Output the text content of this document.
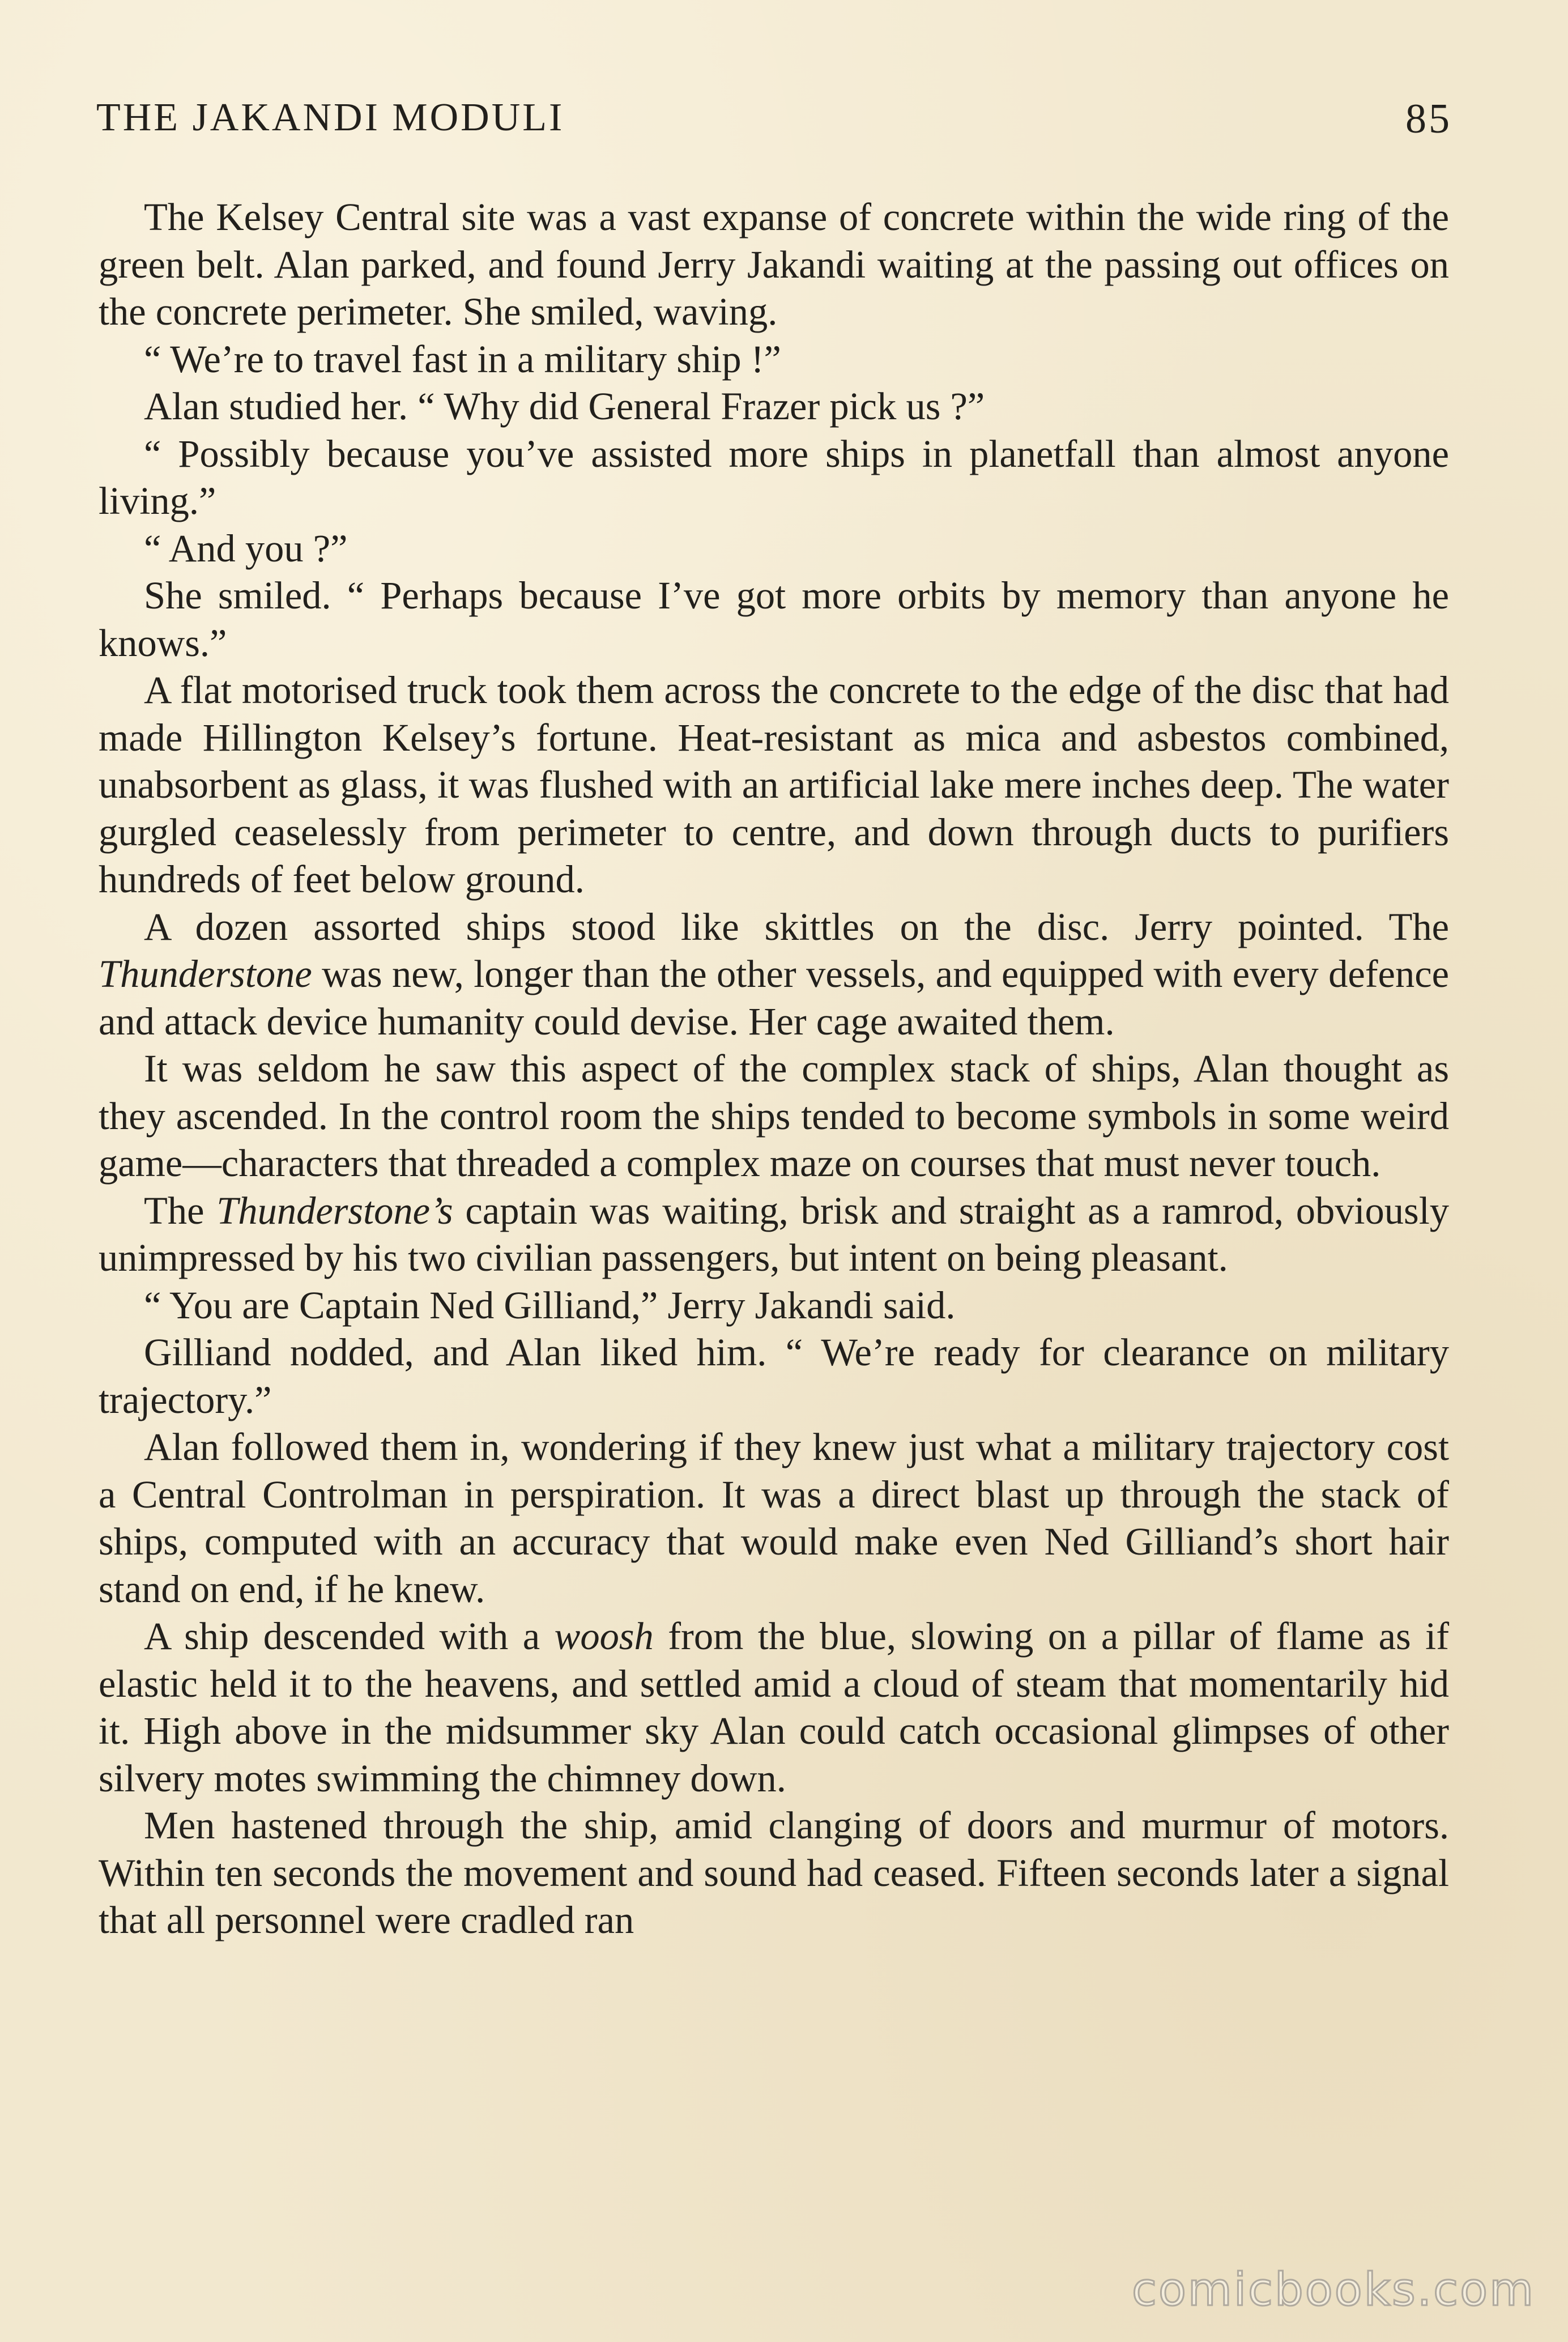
THE JAKANDI MODULI	85

The Kelsey Central site was a vast expanse of concrete within the wide ring of the green belt. Alan parked, and found Jerry Jakandi waiting at the passing out offices on the concrete perimeter. She smiled, waving.

“ We’re to travel fast in a military ship !”

Alan studied her. “ Why did General Frazer pick us ?”

“ Possibly because you’ve assisted more ships in planetfall than almost anyone living.”

“ And you ?”

She smiled. “ Perhaps because I’ve got more orbits by memory than anyone he knows.”

A flat motorised truck took them across the concrete to the edge of the disc that had made Hillington Kelsey’s fortune. Heat-resistant as mica and asbestos combined, unabsorbent as glass, it was flushed with an artificial lake mere inches deep. The water gurgled ceaselessly from perimeter to centre, and down through ducts to purifiers hundreds of feet below ground.

A dozen assorted ships stood like skittles on the disc. Jerry pointed. The Thunderstone was new, longer than the other vessels, and equipped with every defence and attack device humanity could devise. Her cage awaited them.

It was seldom he saw this aspect of the complex stack of ships, Alan thought as they ascended. In the control room the ships tended to become symbols in some weird game—characters that threaded a complex maze on courses that must never touch.

The Thunderstone’s captain was waiting, brisk and straight as a ramrod, obviously unimpressed by his two civilian passengers, but intent on being pleasant.

“ You are Captain Ned Gilliand,” Jerry Jakandi said.

Gilliand nodded, and Alan liked him. “ We’re ready for clearance on military trajectory.”

Alan followed them in, wondering if they knew just what a military trajectory cost a Central Controlman in perspiration. It was a direct blast up through the stack of ships, computed with an accuracy that would make even Ned Gilliand’s short hair stand on end, if he knew.

A ship descended with a woosh from the blue, slowing on a pillar of flame as if elastic held it to the heavens, and settled amid a cloud of steam that momentarily hid it. High above in the midsummer sky Alan could catch occasional glimpses of other silvery motes swimming the chimney down.

Men hastened through the ship, amid clanging of doors and murmur of motors. Within ten seconds the movement and sound had ceased. Fifteen seconds later a signal that all personnel were cradled ran

comicbooks.com
